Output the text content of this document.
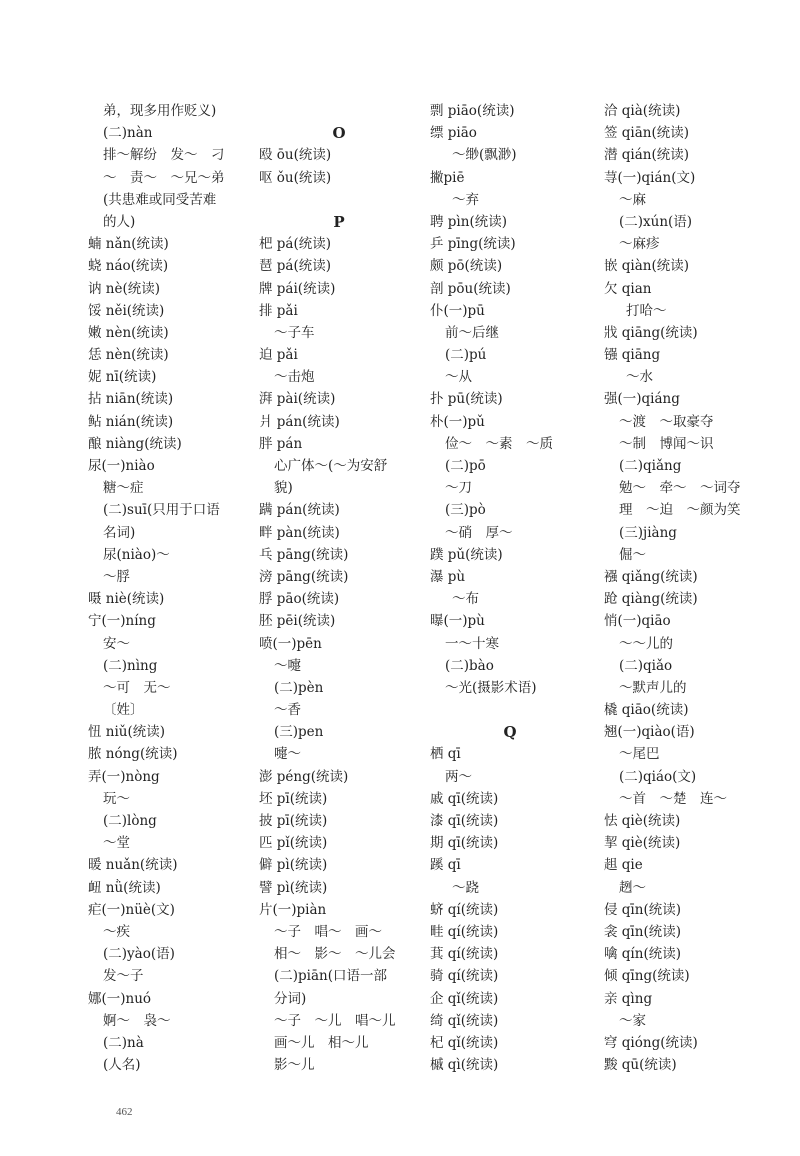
弟，现多用作贬义)
(二)nàn
排～解纷　发～　刁
～　责～　～兄～弟
(共患难或同受苦难
的人)
蝻 nǎn(统读)
蛲 náo(统读)
讷 nè(统读)
馁 něi(统读)
嫩 nèn(统读)
恁 nèn(统读)
妮 nī(统读)
拈 niān(统读)
鲇 nián(统读)
酿 niàng(统读)
尿(一)niào
糖～症
(二)suī(只用于口语
名词)
尿(niào)～
～脬
嗫 niè(统读)
宁(一)níng
安～
(二)nìng
～可　无～
〔姓〕
忸 niǔ(统读)
脓 nóng(统读)
弄(一)nòng
玩～
(二)lòng
～堂
暖 nuǎn(统读)
衄 nǜ(统读)
疟(一)nüè(文)
～疾
(二)yào(语)
发～子
娜(一)nuó
婀～　袅～
(二)nà
(人名)
O
殴 ōu(统读)
呕 ǒu(统读)
P
杷 pá(统读)
琶 pá(统读)
牌 pái(统读)
排 pǎi
～子车
迫 pǎi
～击炮
湃 pài(统读)
爿 pán(统读)
胖 pán
心广体～(～为安舒
貌)
蹒 pán(统读)
畔 pàn(统读)
乓 pāng(统读)
滂 pāng(统读)
脬 pāo(统读)
胚 pēi(统读)
喷(一)pēn
～嚏
(二)pèn
～香
(三)pen
嚏～
澎 péng(统读)
坯 pī(统读)
披 pī(统读)
匹 pǐ(统读)
僻 pì(统读)
譬 pì(统读)
片(一)piàn
～子　唱～　画～
相～　影～　～儿会
(二)piān(口语一部
分词)
～子　～儿　唱～儿
画～儿　相～儿
影～儿
剽 piāo(统读)
缥 piāo
～缈(飘渺)
撇piē
～弃
聘 pìn(统读)
乒 pīng(统读)
颇 pō(统读)
剖 pōu(统读)
仆(一)pū
前～后继
(二)pú
～从
扑 pū(统读)
朴(一)pǔ
俭～　～素　～质
(二)pō
～刀
(三)pò
～硝　厚～
蹼 pǔ(统读)
瀑 pù
～布
曝(一)pù
一～十寒
(二)bào
～光(摄影术语)
Q
栖 qī
两～
戚 qī(统读)
漆 qī(统读)
期 qī(统读)
蹊 qī
～跷
蛴 qí(统读)
畦 qí(统读)
萁 qí(统读)
骑 qí(统读)
企 qǐ(统读)
绮 qǐ(统读)
杞 qǐ(统读)
槭 qì(统读)
洽 qià(统读)
签 qiān(统读)
潜 qián(统读)
荨(一)qián(文)
～麻
(二)xún(语)
～麻疹
嵌 qiàn(统读)
欠 qian
打哈～
戕 qiāng(统读)
镪 qiāng
～水
强(一)qiáng
～渡　～取豪夺
～制　博闻～识
(二)qiǎng
勉～　牵～　～词夺
理　～迫　～颜为笑
(三)jiàng
倔～
襁 qiǎng(统读)
跄 qiàng(统读)
悄(一)qiāo
～～儿的
(二)qiǎo
～默声儿的
橇 qiāo(统读)
翘(一)qiào(语)
～尾巴
(二)qiáo(文)
～首　～楚　连～
怯 qiè(统读)
挈 qiè(统读)
趄 qie
趔～
侵 qīn(统读)
衾 qīn(统读)
噙 qín(统读)
倾 qīng(统读)
亲 qìng
～家
穹 qióng(统读)
黢 qū(统读)
462
